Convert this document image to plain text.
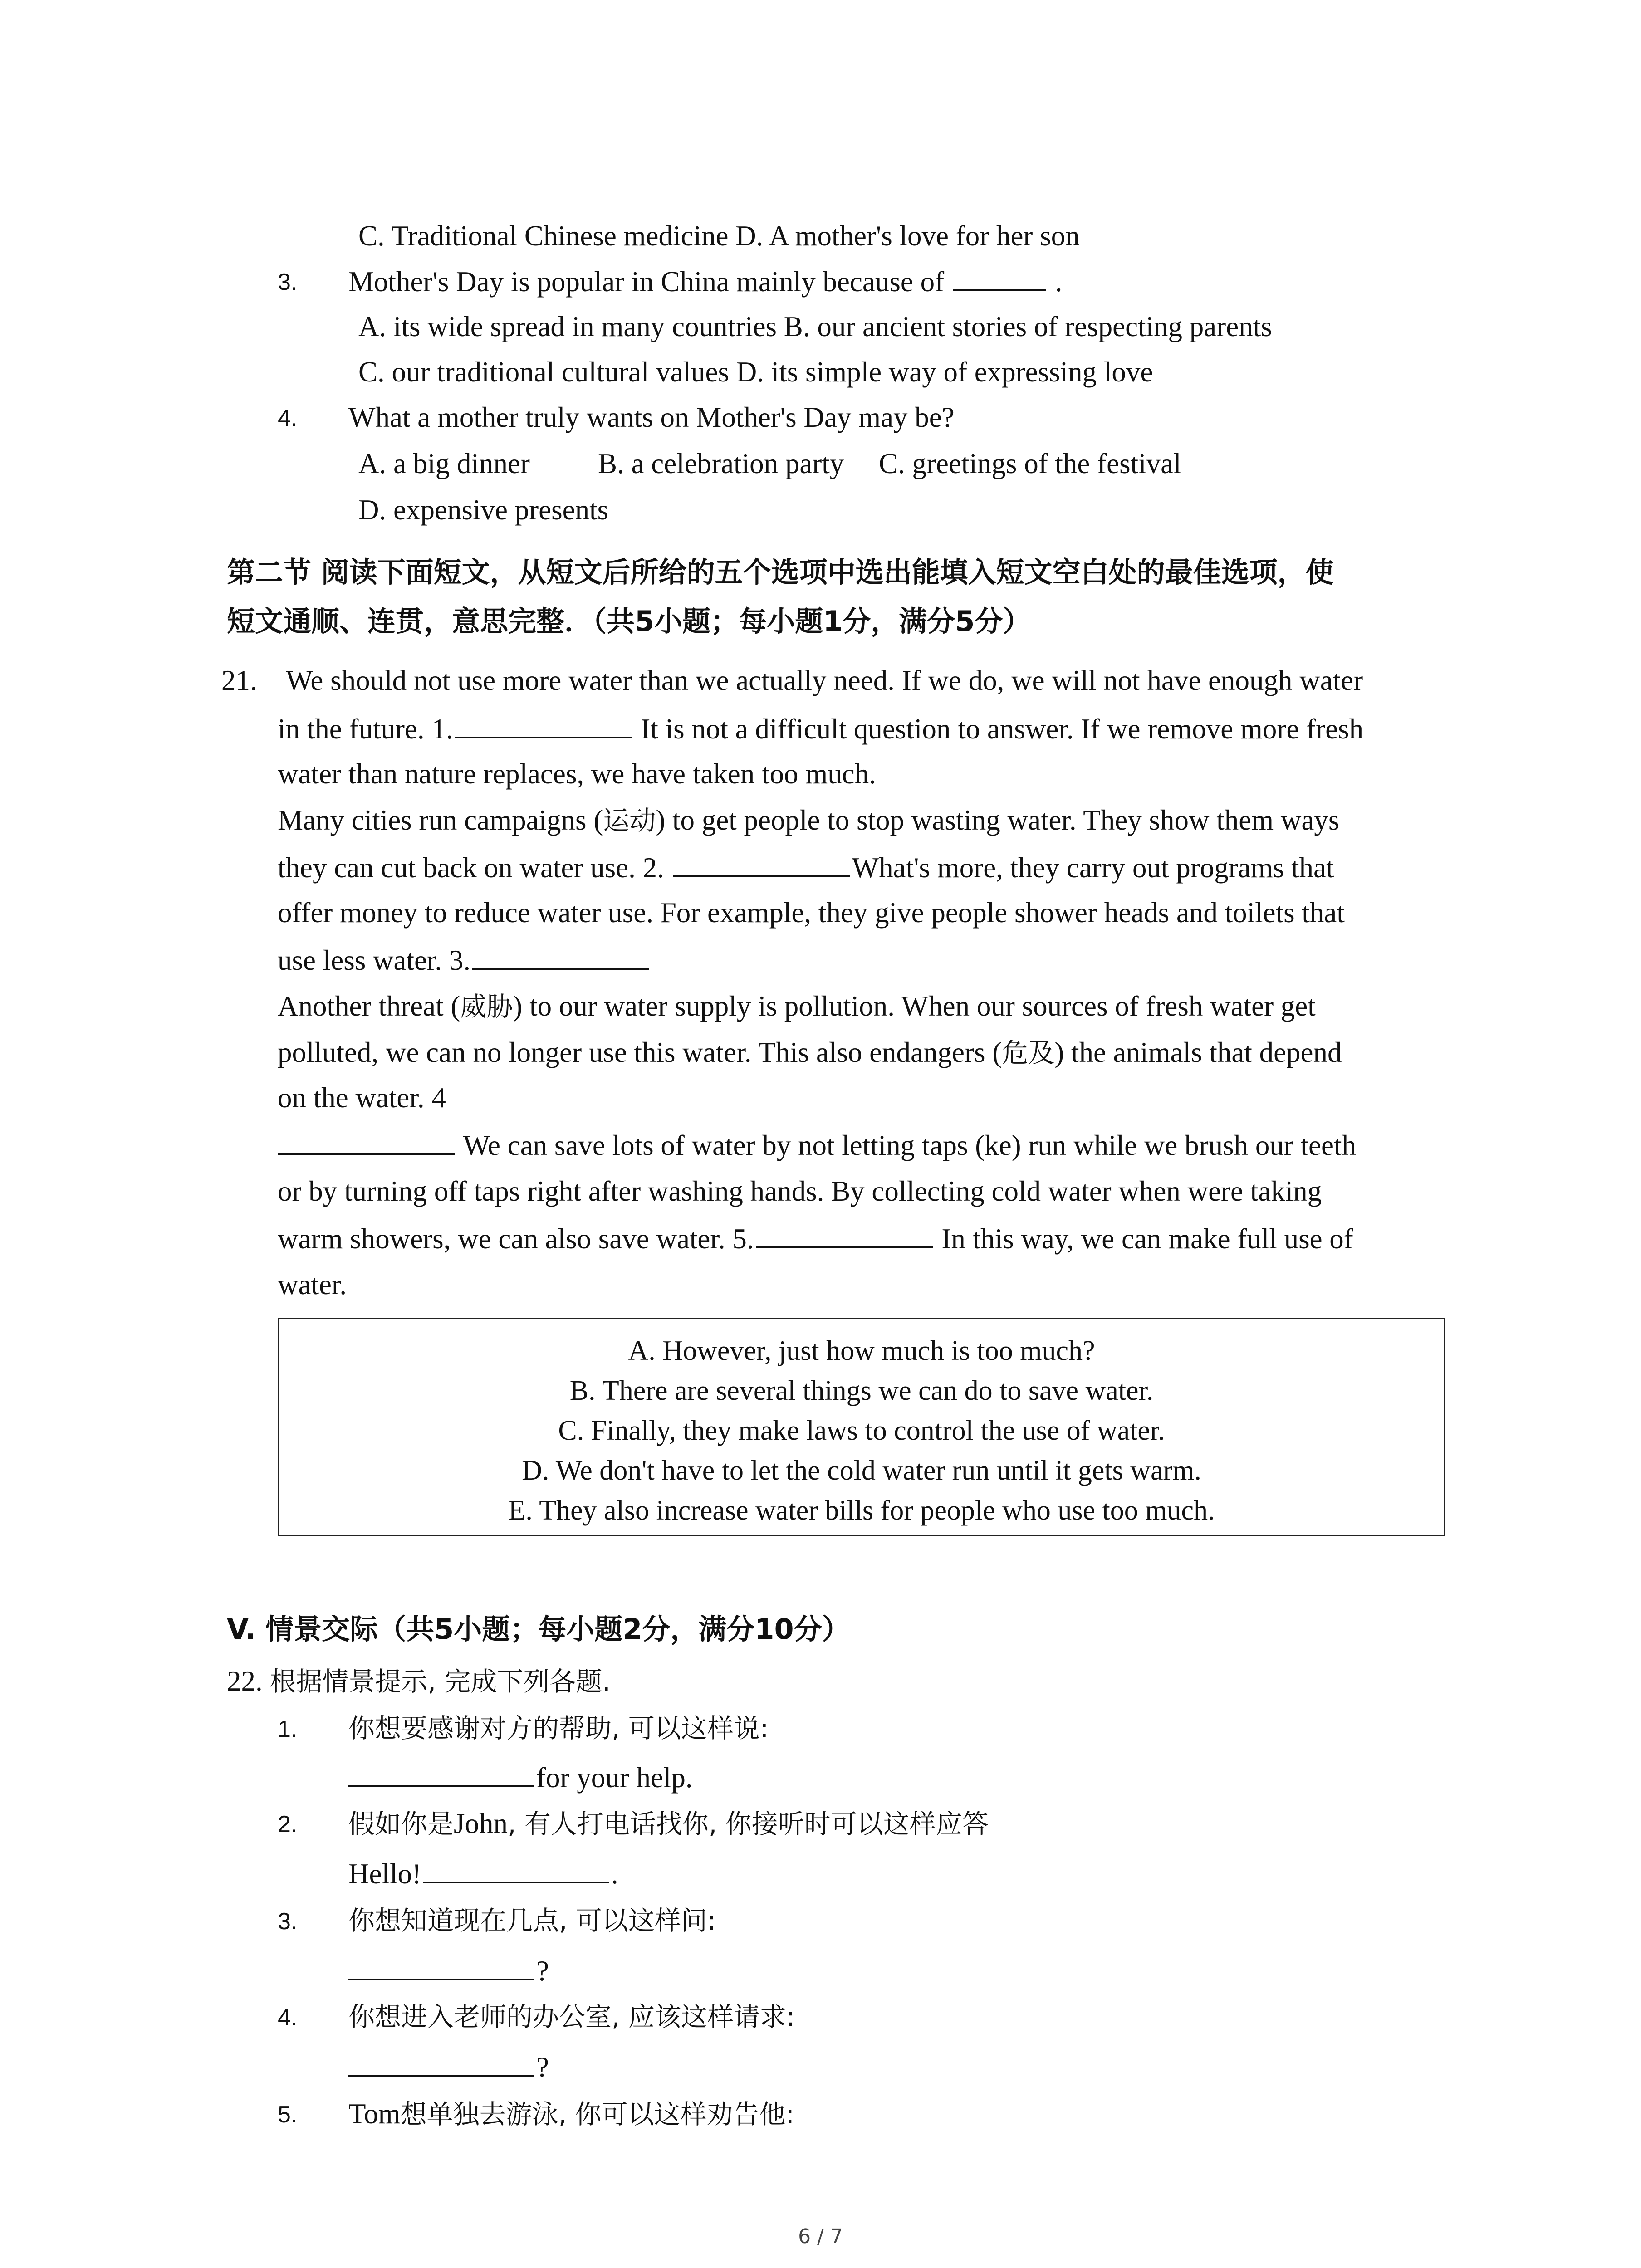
C. Traditional Chinese medicine D. A mother's love for her son
3. Mother's Day is popular in China mainly because of	.
A. its wide spread in many countries B. our ancient stories of respecting parents
C. our traditional cultural values D. its simple way of expressing love
4. What a mother truly wants on Mother's Day may be?
A. a big dinner B. a celebration party C. greetings of the festival
D. expensive presents
第二节 阅读下面短文，从短文后所给的五个选项中选出能填入短文空白处的最佳选项，使
短文通顺、连贯，意思完整．（共5小题；每小题1分，满分5分）
21. We should not use more water than we actually need. If we do, we will not have enough water
in the future. 1.	It is not a difficult question to answer. If we remove more fresh
water than nature replaces, we have taken too much.
Many cities run campaigns (运动) to get people to stop wasting water. They show them ways
they can cut back on water use. 2.	What's more, they carry out programs that
offer money to reduce water use. For example, they give people shower heads and toilets that
use less water. 3.
Another threat (威胁) to our water supply is pollution. When our sources of fresh water get
polluted, we can no longer use this water. This also endangers (危及) the animals that depend
on the water. 4
We can save lots of water by not letting taps (ke) run while we brush our teeth
or by turning off taps right after washing hands. By collecting cold water when were taking
warm showers, we can also save water. 5.	In this way, we can make full use of
water.
A. However, just how much is too much?
B. There are several things we can do to save water.
C. Finally, they make laws to control the use of water.
D. We don't have to let the cold water run until it gets warm.
E. They also increase water bills for people who use too much.
V. 情景交际（共5小题；每小题2分，满分10分）
22. 根据情景提示, 完成下列各题.
1. 你想要感谢对方的帮助, 可以这样说:
for your help.
2. 假如你是John, 有人打电话找你, 你接听时可以这样应答
Hello!	.
3. 你想知道现在几点, 可以这样问:
?
4. 你想进入老师的办公室, 应该这样请求:
?
5. Tom想单独去游泳, 你可以这样劝告他:
6 / 7
